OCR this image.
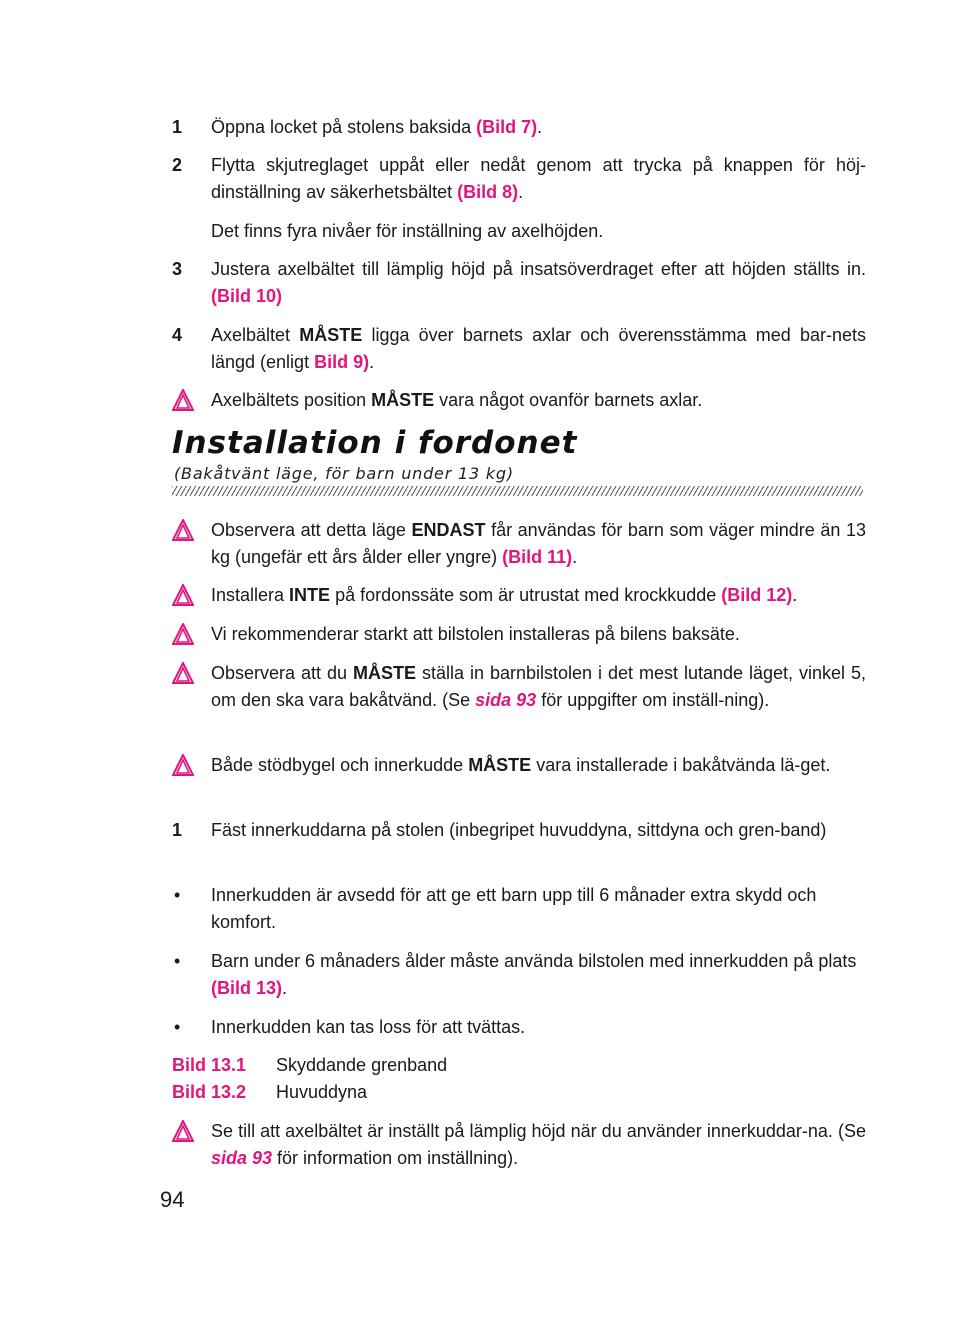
1	Öppna locket på stolens baksida (Bild 7).
2	Flytta skjutreglaget uppåt eller nedåt genom att trycka på knappen för höj-dinställning av säkerhetsbältet (Bild 8).
Det finns fyra nivåer för inställning av axelhöjden.
3	Justera axelbältet till lämplig höjd på insatsöverdraget efter att höjden ställts in. (Bild 10)
4	Axelbältet MÅSTE ligga över barnets axlar och överensstämma med bar-nets längd (enligt Bild 9).
Axelbältets position MÅSTE vara något ovanför barnets axlar.
Installation i fordonet
(Bakåtvänt läge, för barn under 13 kg)
Observera att detta läge ENDAST får användas för barn som väger mindre än 13 kg (ungefär ett års ålder eller yngre) (Bild 11).
Installera INTE på fordonssäte som är utrustat med krockkudde (Bild 12).
Vi rekommenderar starkt att bilstolen installeras på bilens baksäte.
Observera att du MÅSTE ställa in barnbilstolen i det mest lutande läget, vinkel 5, om den ska vara bakåtvänd. (Se sida 93 för uppgifter om inställ-ning).
Både stödbygel och innerkudde MÅSTE vara installerade i bakåtvända lä-get.
1	Fäst innerkuddarna på stolen (inbegripet huvuddyna, sittdyna och gren-band)
• Innerkudden är avsedd för att ge ett barn upp till 6 månader extra skydd och komfort.
• Barn under 6 månaders ålder måste använda bilstolen med innerkudden på plats (Bild 13).
• Innerkudden kan tas loss för att tvättas.
Bild 13.1 Skyddande grenband
Bild 13.2 Huvuddyna
Se till att axelbältet är inställt på lämplig höjd när du använder innerkuddar-na. (Se sida 93 för information om inställning).
94
